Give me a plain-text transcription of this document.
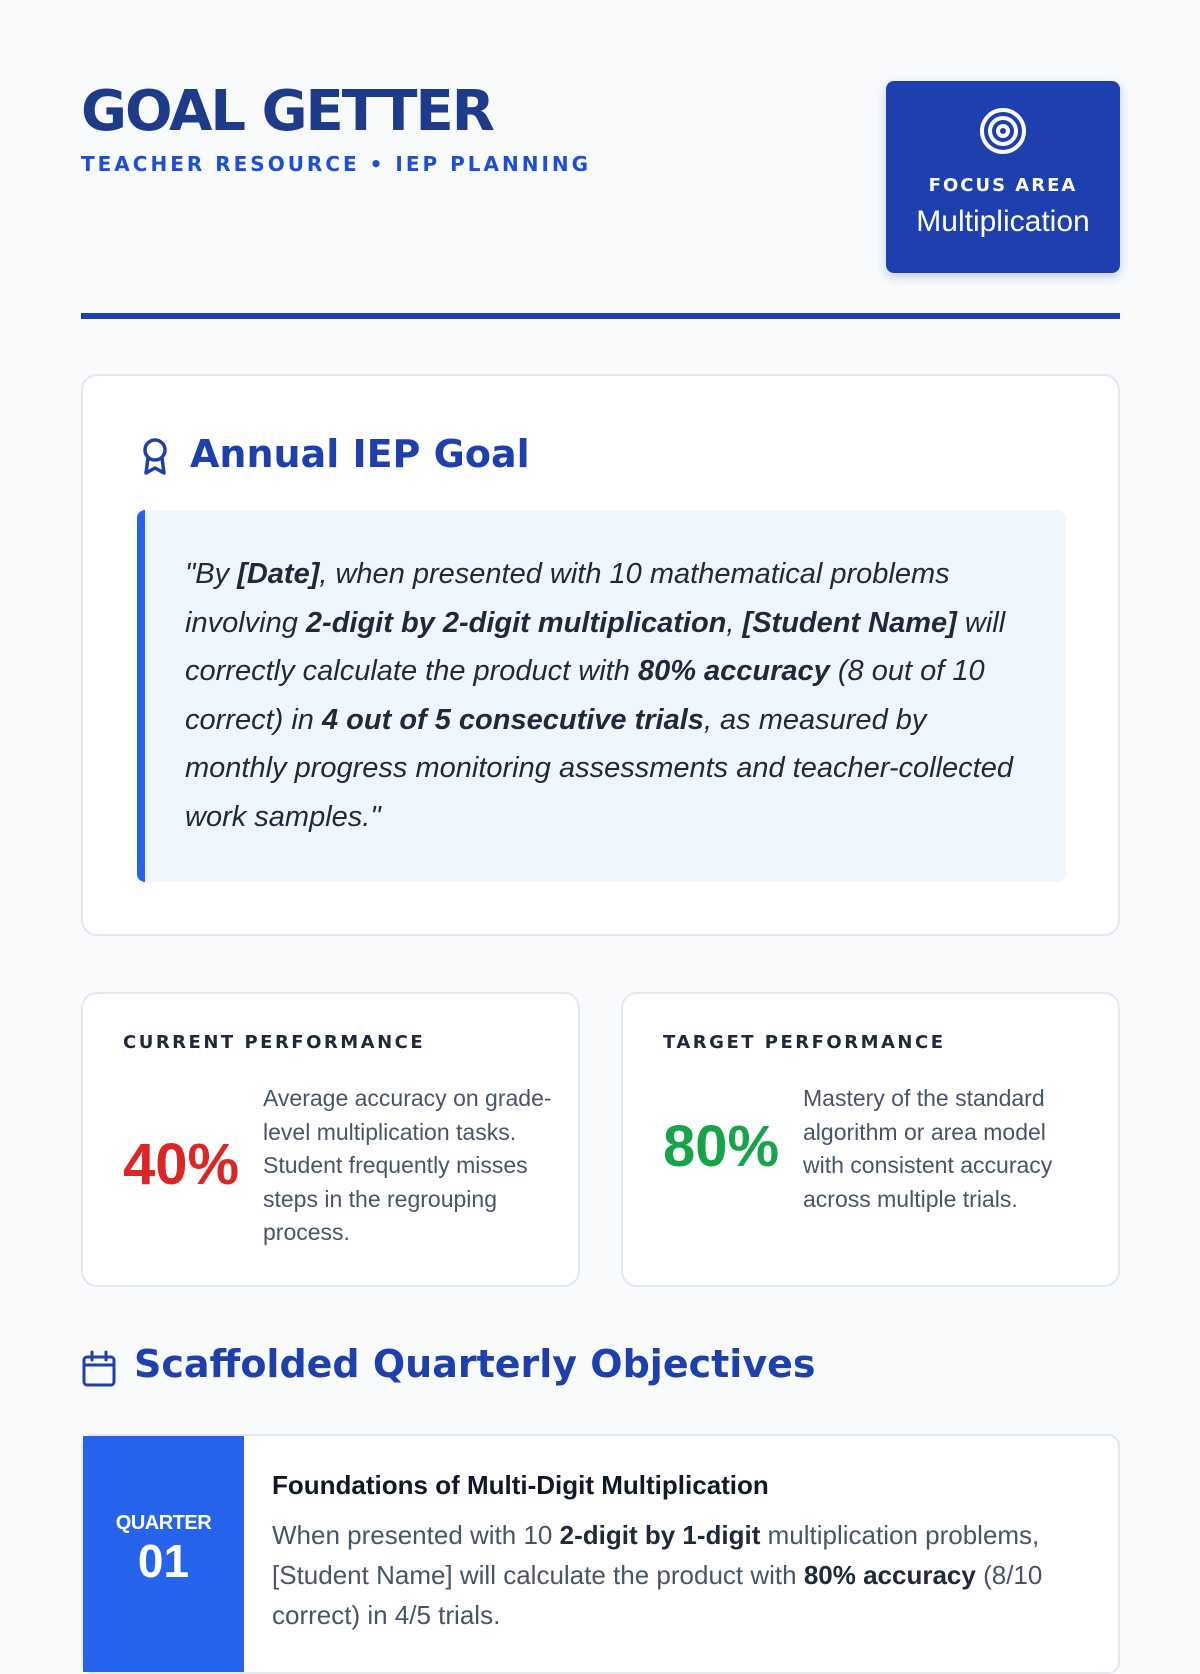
GOAL GETTER
TEACHER RESOURCE • IEP PLANNING
FOCUS AREA
Multiplication
Annual IEP Goal
"By [Date], when presented with 10 mathematical problems involving 2-digit by 2-digit multiplication, [Student Name] will correctly calculate the product with 80% accuracy (8 out of 10 correct) in 4 out of 5 consecutive trials, as measured by monthly progress monitoring assessments and teacher-collected work samples."
CURRENT PERFORMANCE
40%
Average accuracy on grade-level multiplication tasks. Student frequently misses steps in the regrouping process.
TARGET PERFORMANCE
80%
Mastery of the standard algorithm or area model with consistent accuracy across multiple trials.
Scaffolded Quarterly Objectives
QUARTER
01
Foundations of Multi-Digit Multiplication
When presented with 10 2-digit by 1-digit multiplication problems, [Student Name] will calculate the product with 80% accuracy (8/10 correct) in 4/5 trials.
